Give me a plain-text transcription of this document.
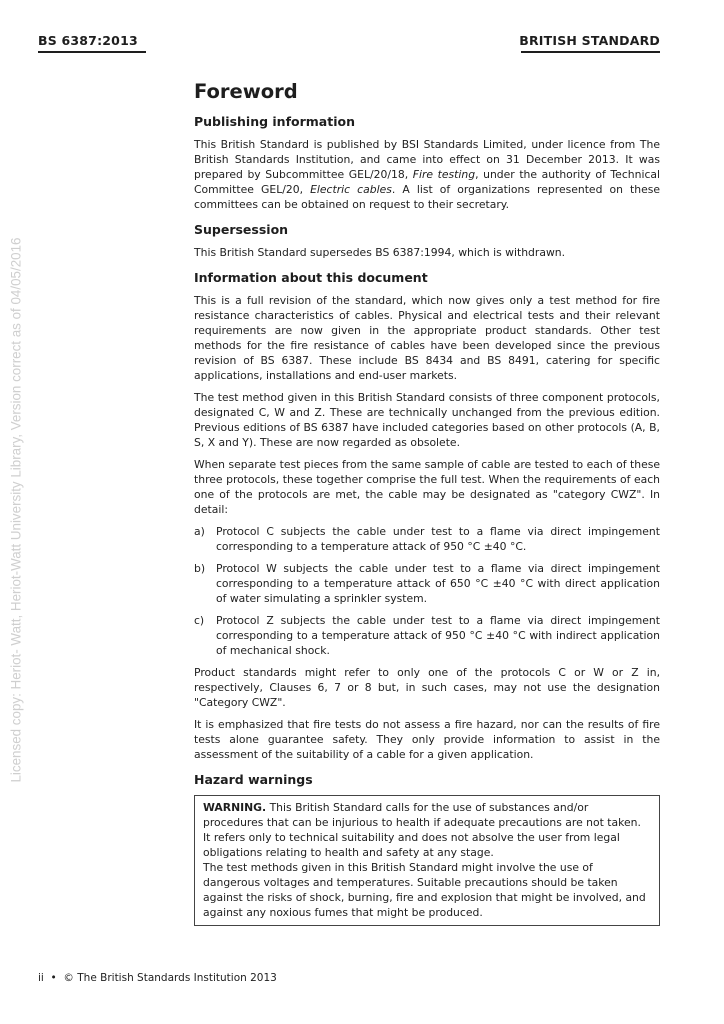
BS 6387:2013	BRITISH STANDARD
Licensed copy: Heriot- Watt, Heriot-Watt University Library, Version correct as of 04/05/2016
Foreword
Publishing information

This British Standard is published by BSI Standards Limited, under licence from The British Standards Institution, and came into effect on 31 December 2013. It was prepared by Subcommittee GEL/20/18, Fire testing, under the authority of Technical Committee GEL/20, Electric cables. A list of organizations represented on these committees can be obtained on request to their secretary.

Supersession

This British Standard supersedes BS 6387:1994, which is withdrawn.

Information about this document

This is a full revision of the standard, which now gives only a test method for fire resistance characteristics of cables. Physical and electrical tests and their relevant requirements are now given in the appropriate product standards. Other test methods for the fire resistance of cables have been developed since the previous revision of BS 6387. These include BS 8434 and BS 8491, catering for specific applications, installations and end-user markets.

The test method given in this British Standard consists of three component protocols, designated C, W and Z. These are technically unchanged from the previous edition. Previous editions of BS 6387 have included categories based on other protocols (A, B, S, X and Y). These are now regarded as obsolete.

When separate test pieces from the same sample of cable are tested to each of these three protocols, these together comprise the full test. When the requirements of each one of the protocols are met, the cable may be designated as "category CWZ". In detail:

a)	Protocol C subjects the cable under test to a flame via direct impingement corresponding to a temperature attack of 950 °C ±40 °C.
b)	Protocol W subjects the cable under test to a flame via direct impingement corresponding to a temperature attack of 650 °C ±40 °C with direct application of water simulating a sprinkler system.
c)	Protocol Z subjects the cable under test to a flame via direct impingement corresponding to a temperature attack of 950 °C ±40 °C with indirect application of mechanical shock.

Product standards might refer to only one of the protocols C or W or Z in, respectively, Clauses 6, 7 or 8 but, in such cases, may not use the designation "Category CWZ".

It is emphasized that fire tests do not assess a fire hazard, nor can the results of fire tests alone guarantee safety. They only provide information to assist in the assessment of the suitability of a cable for a given application.

Hazard warnings

WARNING. This British Standard calls for the use of substances and/or procedures that can be injurious to health if adequate precautions are not taken. It refers only to technical suitability and does not absolve the user from legal obligations relating to health and safety at any stage.

The test methods given in this British Standard might involve the use of dangerous voltages and temperatures. Suitable precautions should be taken against the risks of shock, burning, fire and explosion that might be involved, and against any noxious fumes that might be produced.

ii • © The British Standards Institution 2013
